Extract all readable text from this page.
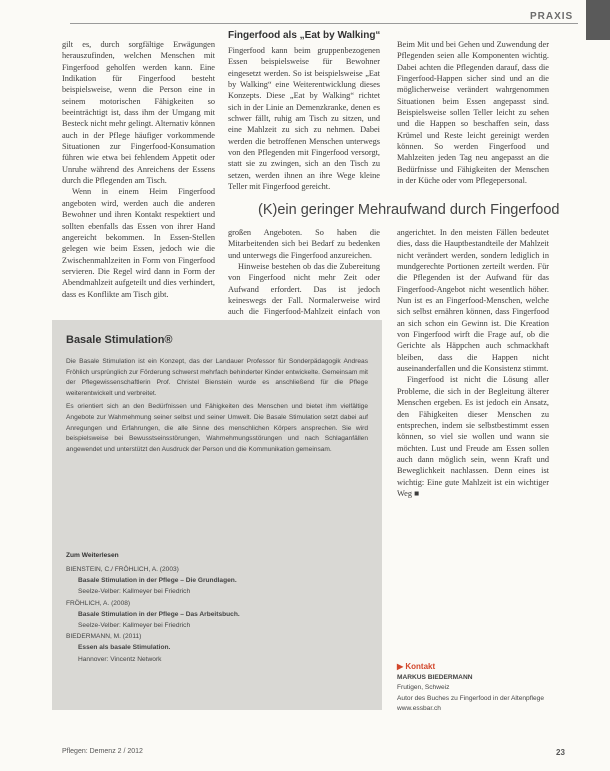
PRAXIS

gilt es, durch sorgfältige Erwägungen herauszufinden, welchen Menschen mit Fingerfood geholfen werden kann. Eine Indikation für Fingerfood besteht beispielsweise, wenn die Person eine in seinem motorischen Fähigkeiten so beeinträchtigt ist, dass ihm der Umgang mit Besteck nicht mehr gelingt. Alternativ können auch in der Pflege häufiger vorkommende Situationen zur Fingerfood-Konsumation führen wie etwa bei fehlendem Appetit oder Unruhe während des Anreichens der Essens durch die Pflegenden am Tisch.

Wenn in einem Heim Fingerfood angeboten wird, werden auch die anderen Bewohner und ihren Kontakt respektiert und sollten ebenfalls das Essen von ihrer Hand angereicht bekommen. In Essen-Stellen gelegen wie beim Essen, jedoch wie die Zwischenmahlzeiten in Form von Fingerfood servieren. Die Regel wird dann in Form der Abendmahlzeit aufgeteilt und dies verhindert, dass es Konflikte am Tisch gibt.

Fingerfood als „Eat by Walking“

Fingerfood kann beim gruppenbezogenen Essen beispielsweise für Bewohner eingesetzt werden. So ist beispielsweise „Eat by Walking“ eine Weiterentwicklung dieses Konzepts. Diese „Eat by Walking“ richtet sich in der Linie an Demenzkranke, denen es schwer fällt, ruhig am Tisch zu sitzen, und eine Mahlzeit zu sich zu nehmen. Dabei werden die betroffenen Menschen unterwegs von den Pflegenden mit Fingerfood versorgt, statt sie zu zwingen, sich an den Tisch zu setzen, werden ihnen an ihre Wege kleine Teller mit Fingerfood gereicht.

Beim Mit und bei Gehen und Zuwendung der Pflegenden seien alle Komponenten wichtig. Dabei achten die Pflegenden darauf, dass die Fingerfood-Happen sicher sind und an die möglicherweise verändert wahrgenommen Situationen beim Essen angepasst sind. Beispielsweise sollen Teller leicht zu sehen und die Happen so beschaffen sein, dass Krümel und Reste leicht gereinigt werden können. So werden Fingerfood und Mahlzeiten jeden Tag neu angepasst an die Bedürfnisse und Fähigkeiten der Menschen in der Küche oder vom Pflegepersonal.

(K)ein geringer Mehraufwand durch Fingerfood

großen Angeboten. So haben die Mitarbeitenden sich bei Bedarf zu bedenken und unterwegs die Fingerfood anzureichen.

Hinweise bestehen ob das die Zubereitung von Fingerfood nicht mehr Zeit oder Aufwand erfordert. Das ist jedoch keineswegs der Fall. Normalerweise wird auch die Fingerfood-Mahlzeit einfach von

angerichtet. In den meisten Fällen bedeutet dies, dass die Hauptbestandteile der Mahlzeit nicht verändert werden, sondern lediglich in mundgerechte Portionen zerteilt werden. Für die Pflegenden ist der Aufwand für das Fingerfood-Angebot nicht wesentlich höher. Nun ist es an Fingerfood-Menschen, welche sich selbst ernähren können, dass Fingerfood an sich schon ein Gewinn ist. Die Kreation von Fingerfood wirft die Frage auf, ob die Gerichte als Häppchen auch schmackhaft bleiben, dass die Happen nicht auseinanderfallen und die Konsistenz stimmt.

Fingerfood ist nicht die Lösung aller Probleme, die sich in der Begleitung älterer Menschen ergeben. Es ist jedoch ein Ansatz, den Fähigkeiten dieser Menschen zu entsprechen, indem sie selbstbestimmt essen können, so viel sie wollen und wann sie möchten. Lust und Freude am Essen sollen auch dann möglich sein, wenn Kraft und Beweglichkeit nachlassen. Denn eines ist wichtig: Eine gute Mahlzeit ist ein wichtiger Weg ■

Basale Stimulation®

Die Basale Stimulation ist ein Konzept, das der Landauer Professor für Sonderpädagogik Andreas Fröhlich ursprünglich zur Förderung schwerst mehrfach behinderter Kinder entwickelte. Gemeinsam mit der Pflegewissenschaftlerin Prof. Christel Bienstein wurde es anschließend für die Pflege weiterentwickelt und verbreitet.

Es orientiert sich an den Bedürfnissen und Fähigkeiten des Menschen und bietet ihm vielfältige Angebote zur Wahrnehmung seiner selbst und seiner Umwelt. Die Basale Stimulation setzt dabei auf Anregungen und Erfahrungen, die alle Sinne des menschlichen Körpers ansprechen. Sie wird beispielsweise bei Bewusstseinsstörungen, Wahrnehmungsstörungen und nach Schlaganfällen angewendet und unterstützt den Ausdruck der Person und die Kommunikation gemeinsam.

Zum Weiterlesen
BIENSTEIN, C./ FRÖHLICH, A. (2003)
Basale Stimulation in der Pflege – Die Grundlagen.
Seelze-Velber: Kallmeyer bei Friedrich
FRÖHLICH, A. (2008)
Basale Stimulation in der Pflege – Das Arbeitsbuch.
Seelze-Velber: Kallmeyer bei Friedrich
BIEDERMANN, M. (2011)
Essen als basale Stimulation.
Hannover: Vincentz Network
▶ Kontakt
MARKUS BIEDERMANN
Frutigen, Schweiz
Autor des Buches zu Fingerfood in der Altenpflege
www.essbar.ch
Pflegen: Demenz 2 / 2012	23
